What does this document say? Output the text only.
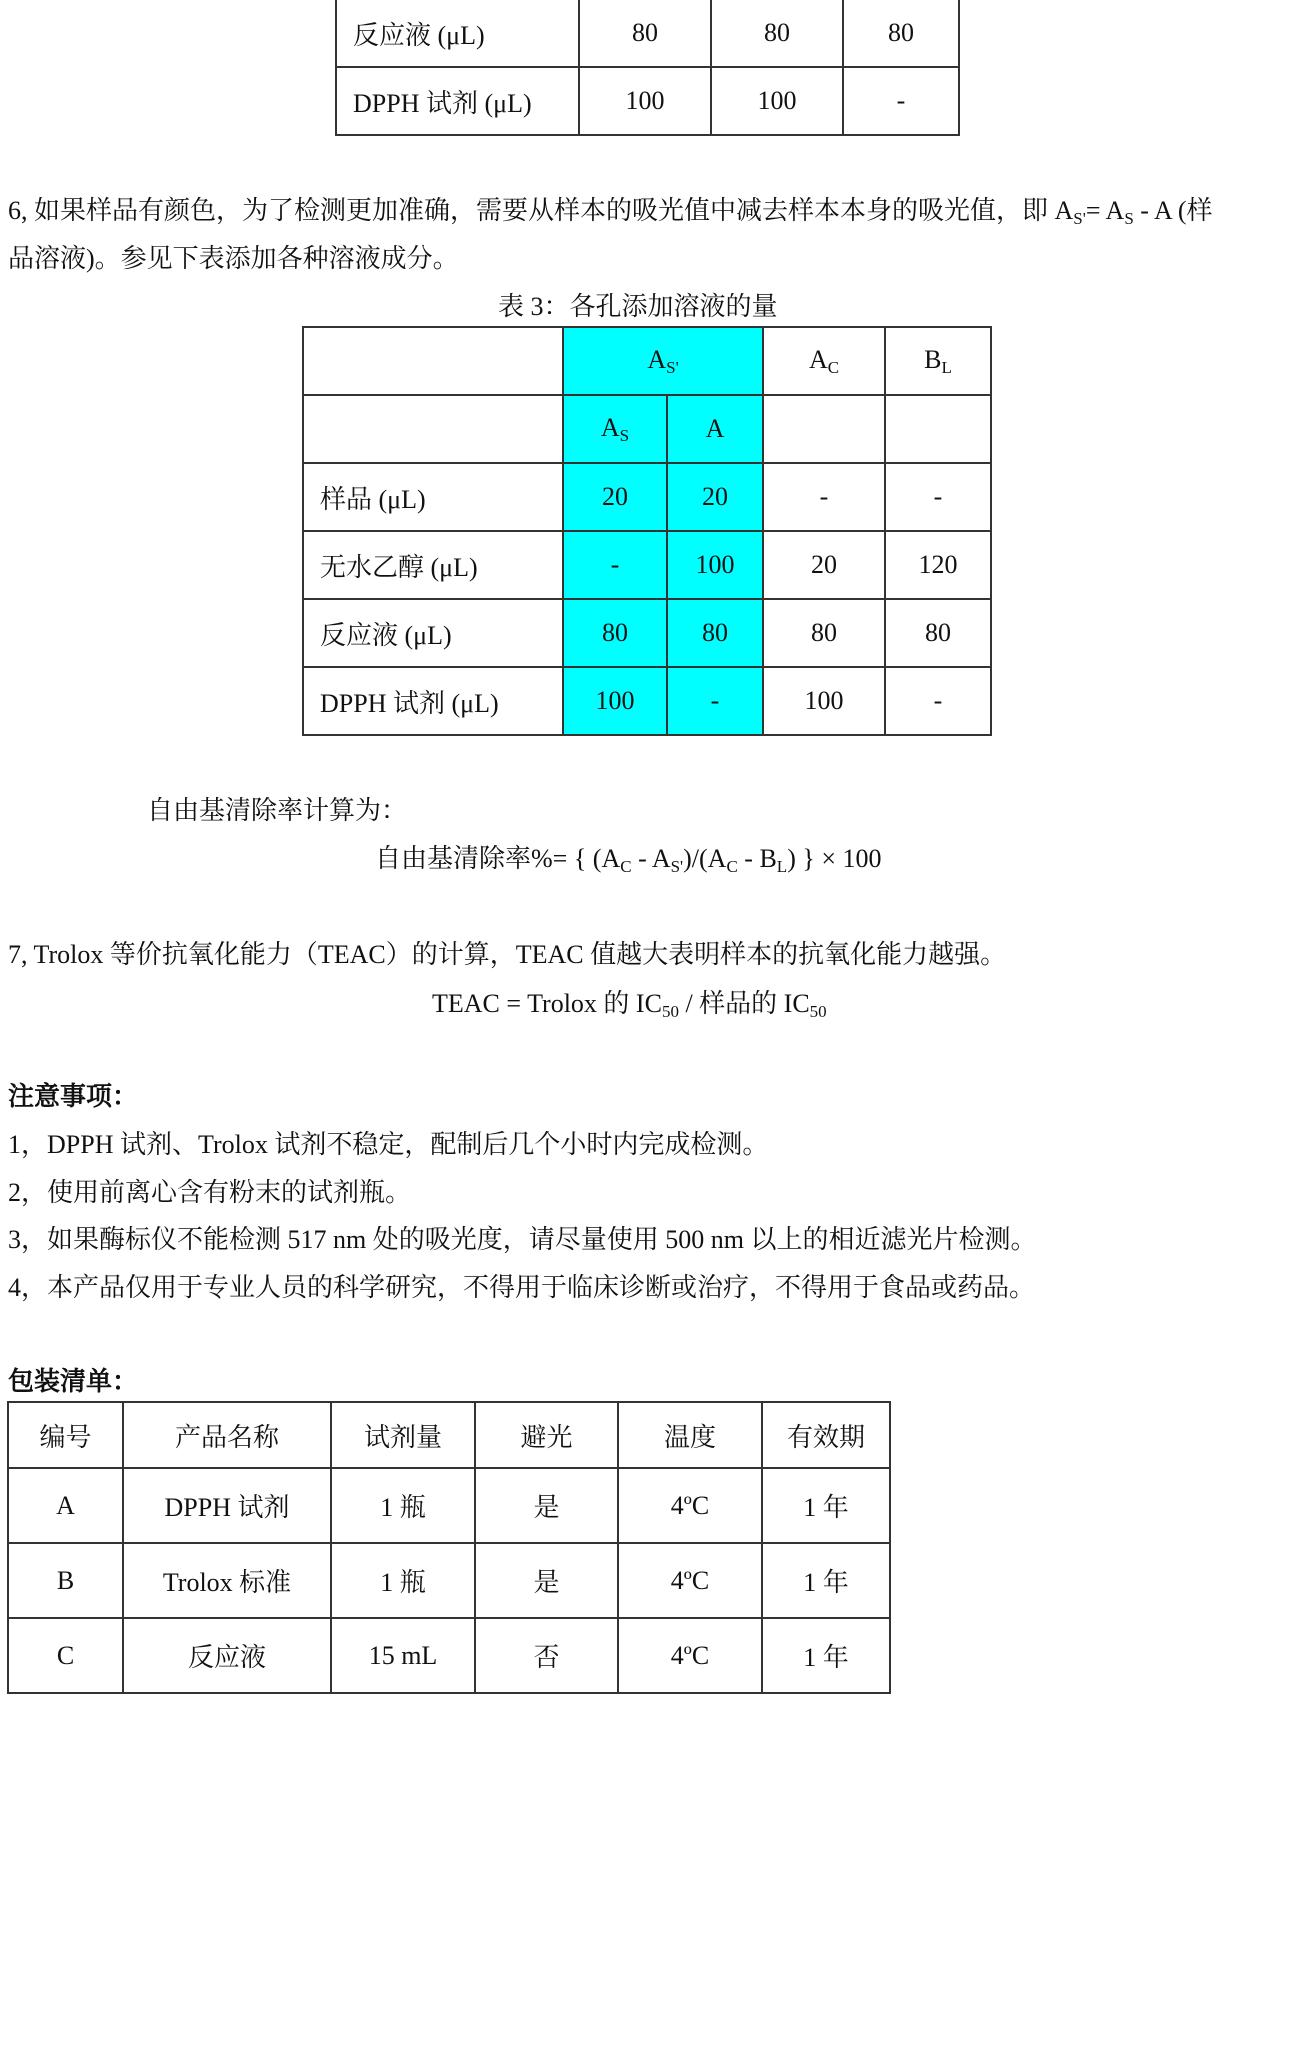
反应液 (μL)	80	80	80
DPPH 试剂 (μL)	100	100	-
6, 如果样品有颜色，为了检测更加准确，需要从样本的吸光值中减去样本本身的吸光值，即 $A_{S'}= A_S - A$ (样
品溶液)。参见下表添加各种溶液成分。
表 3：各孔添加溶液的量
	$A_{S'}$		$A_C$	$B_L$
	$A_S$	A		
样品 (μL)	20	20	-	-
无水乙醇 (μL)	-	100	20	120
反应液 (μL)	80	80	80	80
DPPH 试剂 (μL)	100	-	100	-
自由基清除率计算为：
自由基清除率%= { $(A_C - A_{S'})/(A_C - B_L)$ } × 100
7, Trolox 等价抗氧化能力（TEAC）的计算，TEAC 值越大表明样本的抗氧化能力越强。
TEAC = Trolox 的 $IC_{50}$ / 样品的 $IC_{50}$
注意事项：
1，DPPH 试剂、Trolox 试剂不稳定，配制后几个小时内完成检测。
2，使用前离心含有粉末的试剂瓶。
3，如果酶标仪不能检测 517 nm 处的吸光度，请尽量使用 500 nm 以上的相近滤光片检测。
4，本产品仅用于专业人员的科学研究，不得用于临床诊断或治疗，不得用于食品或药品。
包装清单：
编号	产品名称	试剂量	避光	温度	有效期
A	DPPH 试剂	1 瓶	是	4ºC	1 年
B	Trolox 标准	1 瓶	是	4ºC	1 年
C	反应液	15 mL	否	4ºC	1 年
